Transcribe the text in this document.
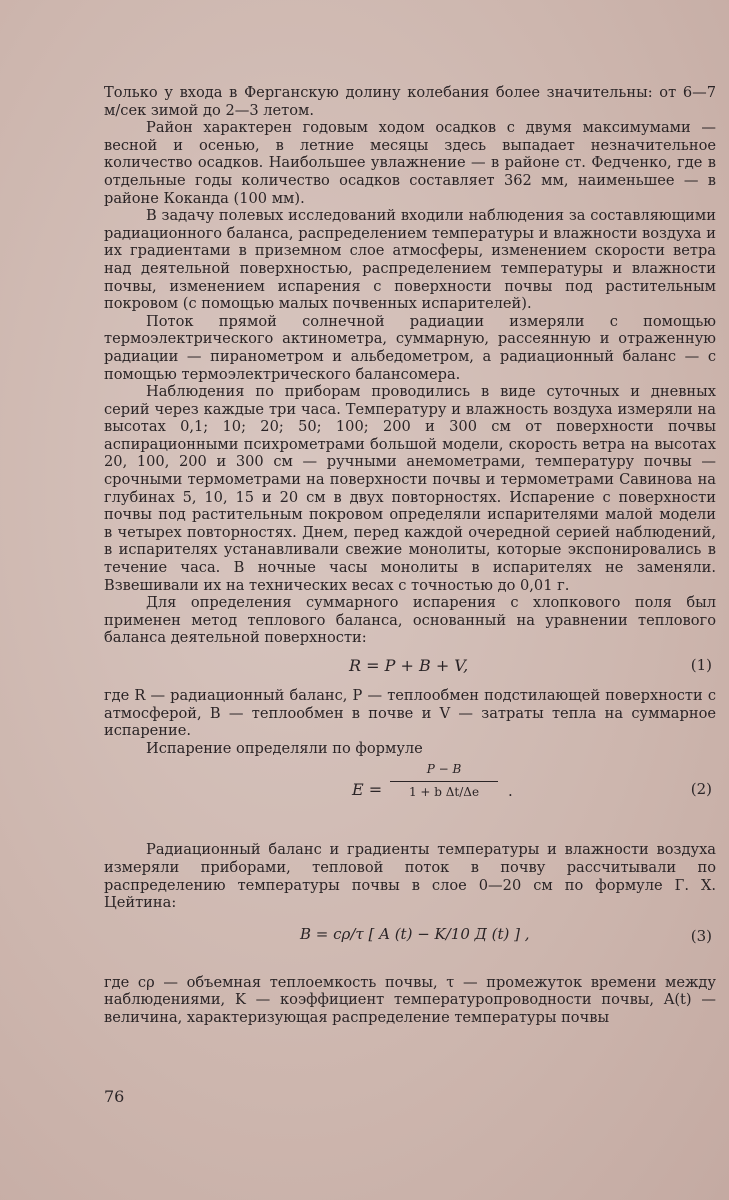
Только у входа в Ферганскую долину колебания более значительны: от 6—7 м/сек зимой до 2—3 летом.

Район характерен годовым ходом осадков с двумя максимумами — весной и осенью, в летние месяцы здесь выпадает незначительное количество осадков. Наибольшее увлажнение — в районе ст. Федченко, где в отдельные годы количество осадков составляет 362 мм, наименьшее — в районе Коканда (100 мм).

В задачу полевых исследований входили наблюдения за составляющими радиационного баланса, распределением температуры и влажности воздуха и их градиентами в приземном слое атмосферы, изменением скорости ветра над деятельной поверхностью, распределением температуры и влажности почвы, изменением испарения с поверхности почвы под растительным покровом (с помощью малых почвенных испарителей).

Поток прямой солнечной радиации измеряли с помощью термоэлектрического актинометра, суммарную, рассеянную и отраженную радиации — пиранометром и альбедометром, а радиационный баланс — с помощью термоэлектрического балансомера.

Наблюдения по приборам проводились в виде суточных и дневных серий через каждые три часа. Температуру и влажность воздуха измеряли на высотах 0,1; 10; 20; 50; 100; 200 и 300 см от поверхности почвы аспирационными психрометрами большой модели, скорость ветра на высотах 20, 100, 200 и 300 см — ручными анемометрами, температуру почвы — срочными термометрами на поверхности почвы и термометрами Савинова на глубинах 5, 10, 15 и 20 см в двух повторностях. Испарение с поверхности почвы под растительным покровом определяли испарителями малой модели в четырех повторностях. Днем, перед каждой очередной серией наблюдений, в испарителях устанавливали свежие монолиты, которые экспонировались в течение часа. В ночные часы монолиты в испарителях не заменяли. Взвешивали их на технических весах с точностью до 0,01 г.

Для определения суммарного испарения с хлопкового поля был применен метод теплового баланса, основанный на уравнении теплового баланса деятельной поверхности:

R = P + B + V,	(1)

где R — радиационный баланс, P — теплообмен подстилающей поверхности с атмосферой, B — теплообмен в почве и V — затраты тепла на суммарное испарение.

Испарение определяли по формуле

E =
P − B
1 + b Δt/Δe	.	(2)

Радиационный баланс и градиенты температуры и влажности воздуха измеряли приборами, тепловой поток в почву рассчитывали по распределению температуры почвы в слое 0—20 см по формуле Г. Х. Цейтина:

B = cρ/τ [ A (t) − K/10 Д (t) ] ,	(3)

где cρ — объемная теплоемкость почвы, τ — промежуток времени между наблюдениями, K — коэффициент температуропроводности почвы, A(t) — величина, характеризующая распределение температуры почвы

76
